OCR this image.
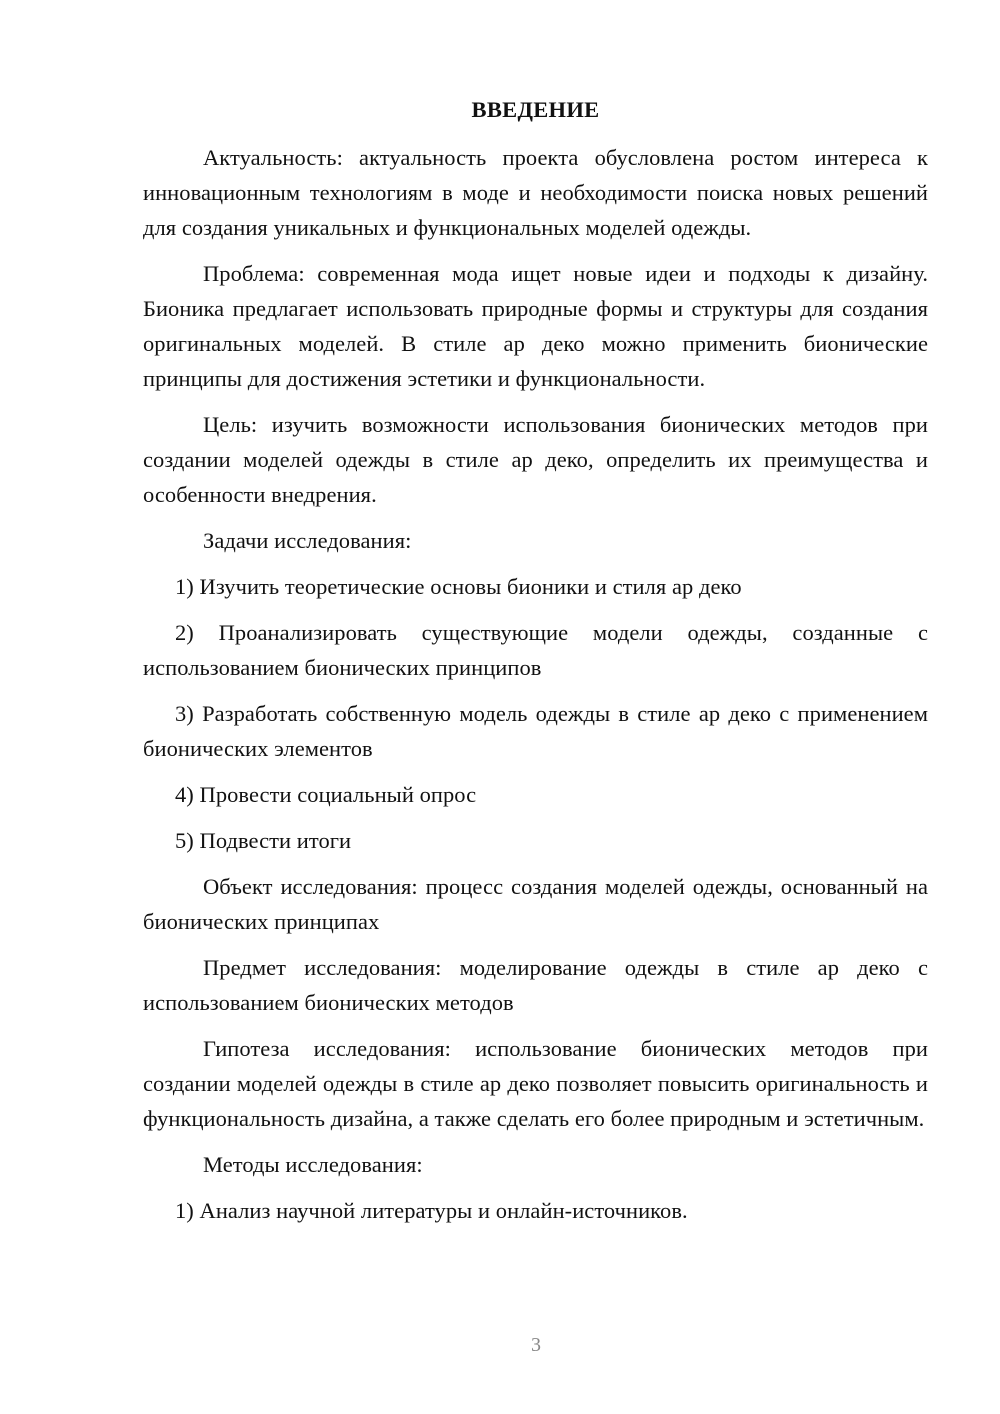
ВВЕДЕНИЕ

Актуальность: актуальность проекта обусловлена ростом интереса к инновационным технологиям в моде и необходимости поиска новых решений для создания уникальных и функциональных моделей одежды.

Проблема: современная мода ищет новые идеи и подходы к дизайну. Бионика предлагает использовать природные формы и структуры для создания оригинальных моделей. В стиле ар деко можно применить бионические принципы для достижения эстетики и функциональности.

Цель: изучить возможности использования бионических методов при создании моделей одежды в стиле ар деко, определить их преимущества и особенности внедрения.

Задачи исследования:

1) Изучить теоретические основы бионики и стиля ар деко

2) Проанализировать существующие модели одежды, созданные с использованием бионических принципов

3) Разработать собственную модель одежды в стиле ар деко с применением бионических элементов

4) Провести социальный опрос

5) Подвести итоги

Объект исследования: процесс создания моделей одежды, основанный на бионических принципах

Предмет исследования: моделирование одежды в стиле ар деко с использованием бионических методов

Гипотеза исследования: использование бионических методов при создании моделей одежды в стиле ар деко позволяет повысить оригинальность и функциональность дизайна, а также сделать его более природным и эстетичным.

Методы исследования:

1) Анализ научной литературы и онлайн-источников.

3
